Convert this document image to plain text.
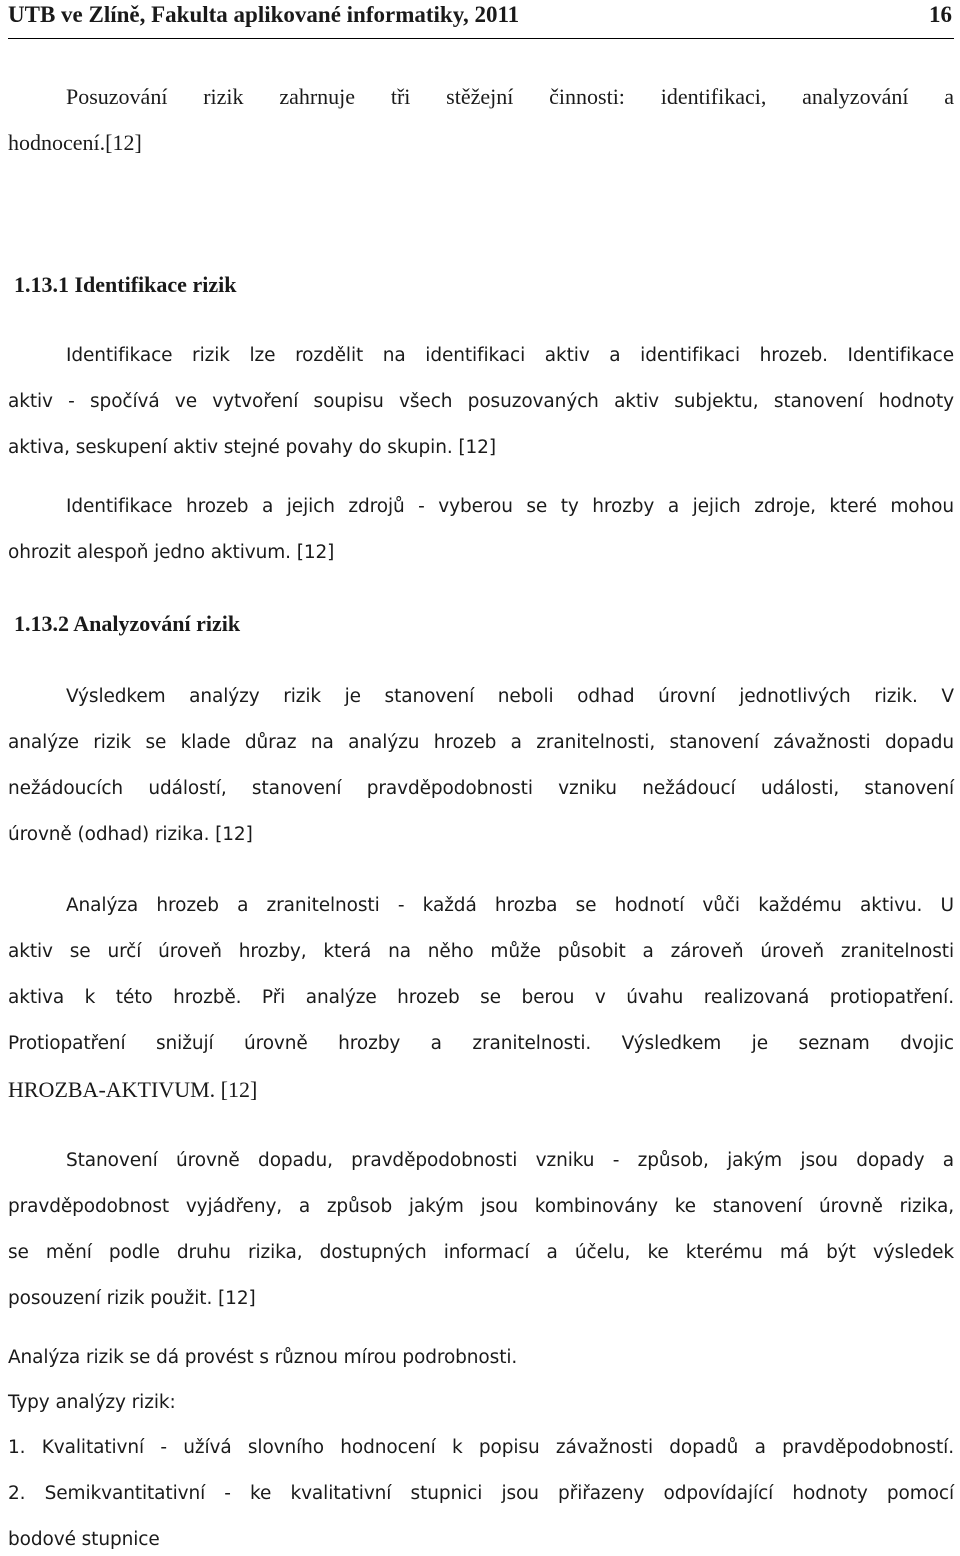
UTB ve Zlíně, Fakulta aplikované informatiky, 2011	16
Posuzování rizik zahrnuje tři stěžejní činnosti: identifikaci, analyzování a
hodnocení.[12]
1.13.1 Identifikace rizik
Identifikace rizik lze rozdělit na identifikaci aktiv a identifikaci hrozeb. Identifikace
aktiv - spočívá ve vytvoření soupisu všech posuzovaných aktiv subjektu, stanovení hodnoty
aktiva, seskupení aktiv stejné povahy do skupin. [12]
Identifikace hrozeb a jejich zdrojů - vyberou se ty hrozby a jejich zdroje, které mohou
ohrozit alespoň jedno aktivum. [12]
1.13.2 Analyzování rizik
Výsledkem analýzy rizik je stanovení neboli odhad úrovní jednotlivých rizik. V
analýze rizik se klade důraz na analýzu hrozeb a zranitelnosti, stanovení závažnosti dopadu
nežádoucích událostí, stanovení pravděpodobnosti vzniku nežádoucí události, stanovení
úrovně (odhad) rizika. [12]
Analýza hrozeb a zranitelnosti - každá hrozba se hodnotí vůči každému aktivu. U
aktiv se určí úroveň hrozby, která na něho může působit a zároveň úroveň zranitelnosti
aktiva k této hrozbě. Při analýze hrozeb se berou v úvahu realizovaná protiopatření.
Protiopatření snižují úrovně hrozby a zranitelnosti. Výsledkem je seznam dvojic
HROZBA-AKTIVUM. [12]
Stanovení úrovně dopadu, pravděpodobnosti vzniku - způsob, jakým jsou dopady a
pravděpodobnost vyjádřeny, a způsob jakým jsou kombinovány ke stanovení úrovně rizika,
se mění podle druhu rizika, dostupných informací a účelu, ke kterému má být výsledek
posouzení rizik použit. [12]
Analýza rizik se dá provést s různou mírou podrobnosti.
Typy analýzy rizik:
1. Kvalitativní - užívá slovního hodnocení k popisu závažnosti dopadů a pravděpodobností.
2. Semikvantitativní - ke kvalitativní stupnici jsou přiřazeny odpovídající hodnoty pomocí
bodové stupnice
